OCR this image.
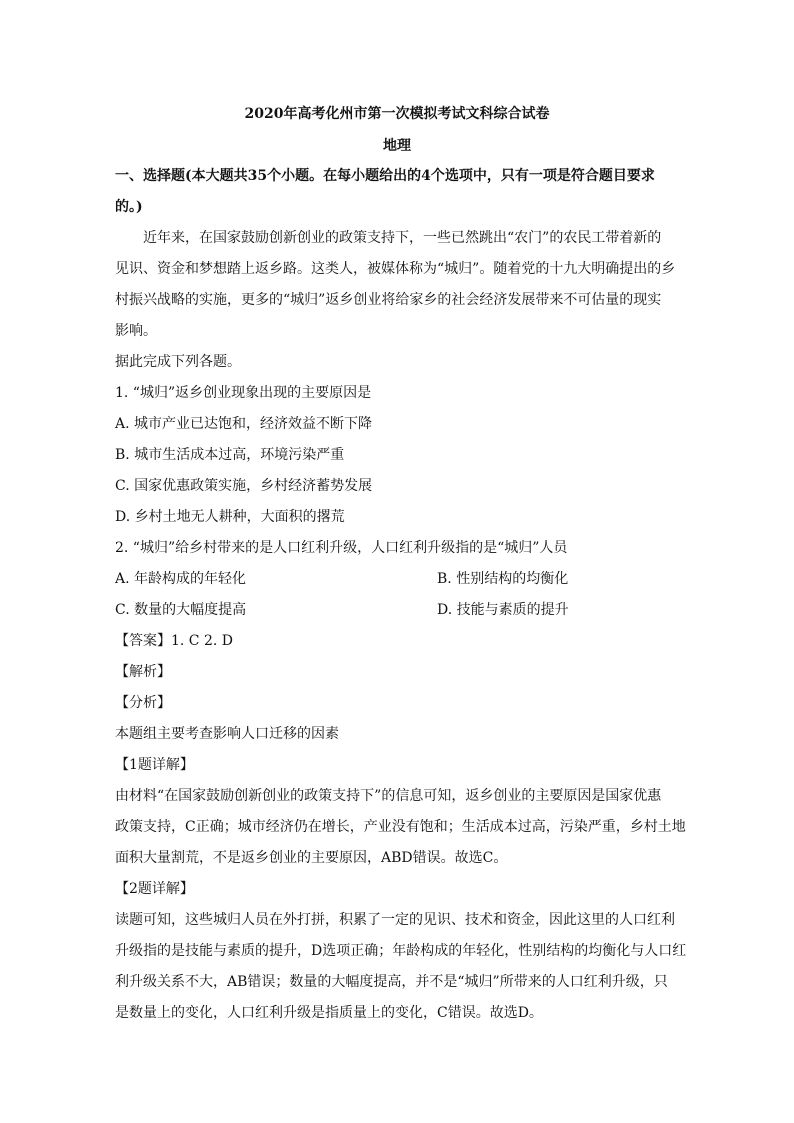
2020年高考化州市第一次模拟考试文科综合试卷
地理
一、选择题(本大题共35个小题。在每小题给出的4个选项中，只有一项是符合题目要求
的。)
近年来，在国家鼓励创新创业的政策支持下，一些已然跳出“农门”的农民工带着新的
见识、资金和梦想踏上返乡路。这类人，被媒体称为“城归”。随着党的十九大明确提出的乡
村振兴战略的实施，更多的“城归”返乡创业将给家乡的社会经济发展带来不可估量的现实
影响。
据此完成下列各题。
1. “城归”返乡创业现象出现的主要原因是
A. 城市产业已达饱和，经济效益不断下降
B. 城市生活成本过高，环境污染严重
C. 国家优惠政策实施，乡村经济蓄势发展
D. 乡村土地无人耕种，大面积的撂荒
2. “城归”给乡村带来的是人口红利升级，人口红利升级指的是“城归”人员
A. 年龄构成的年轻化	B. 性别结构的均衡化
C. 数量的大幅度提高	D. 技能与素质的提升
【答案】1. C 2. D
【解析】
【分析】
本题组主要考查影响人口迁移的因素
【1题详解】
由材料“在国家鼓励创新创业的政策支持下”的信息可知，返乡创业的主要原因是国家优惠
政策支持，C正确；城市经济仍在增长，产业没有饱和；生活成本过高，污染严重，乡村土地
面积大量割荒，不是返乡创业的主要原因，ABD错误。故选C。
【2题详解】
读题可知，这些城归人员在外打拼，积累了一定的见识、技术和资金，因此这里的人口红利
升级指的是技能与素质的提升，D选项正确；年龄构成的年轻化，性别结构的均衡化与人口红
利升级关系不大，AB错误；数量的大幅度提高，并不是“城归”所带来的人口红利升级，只
是数量上的变化，人口红利升级是指质量上的变化，C错误。故选D。
